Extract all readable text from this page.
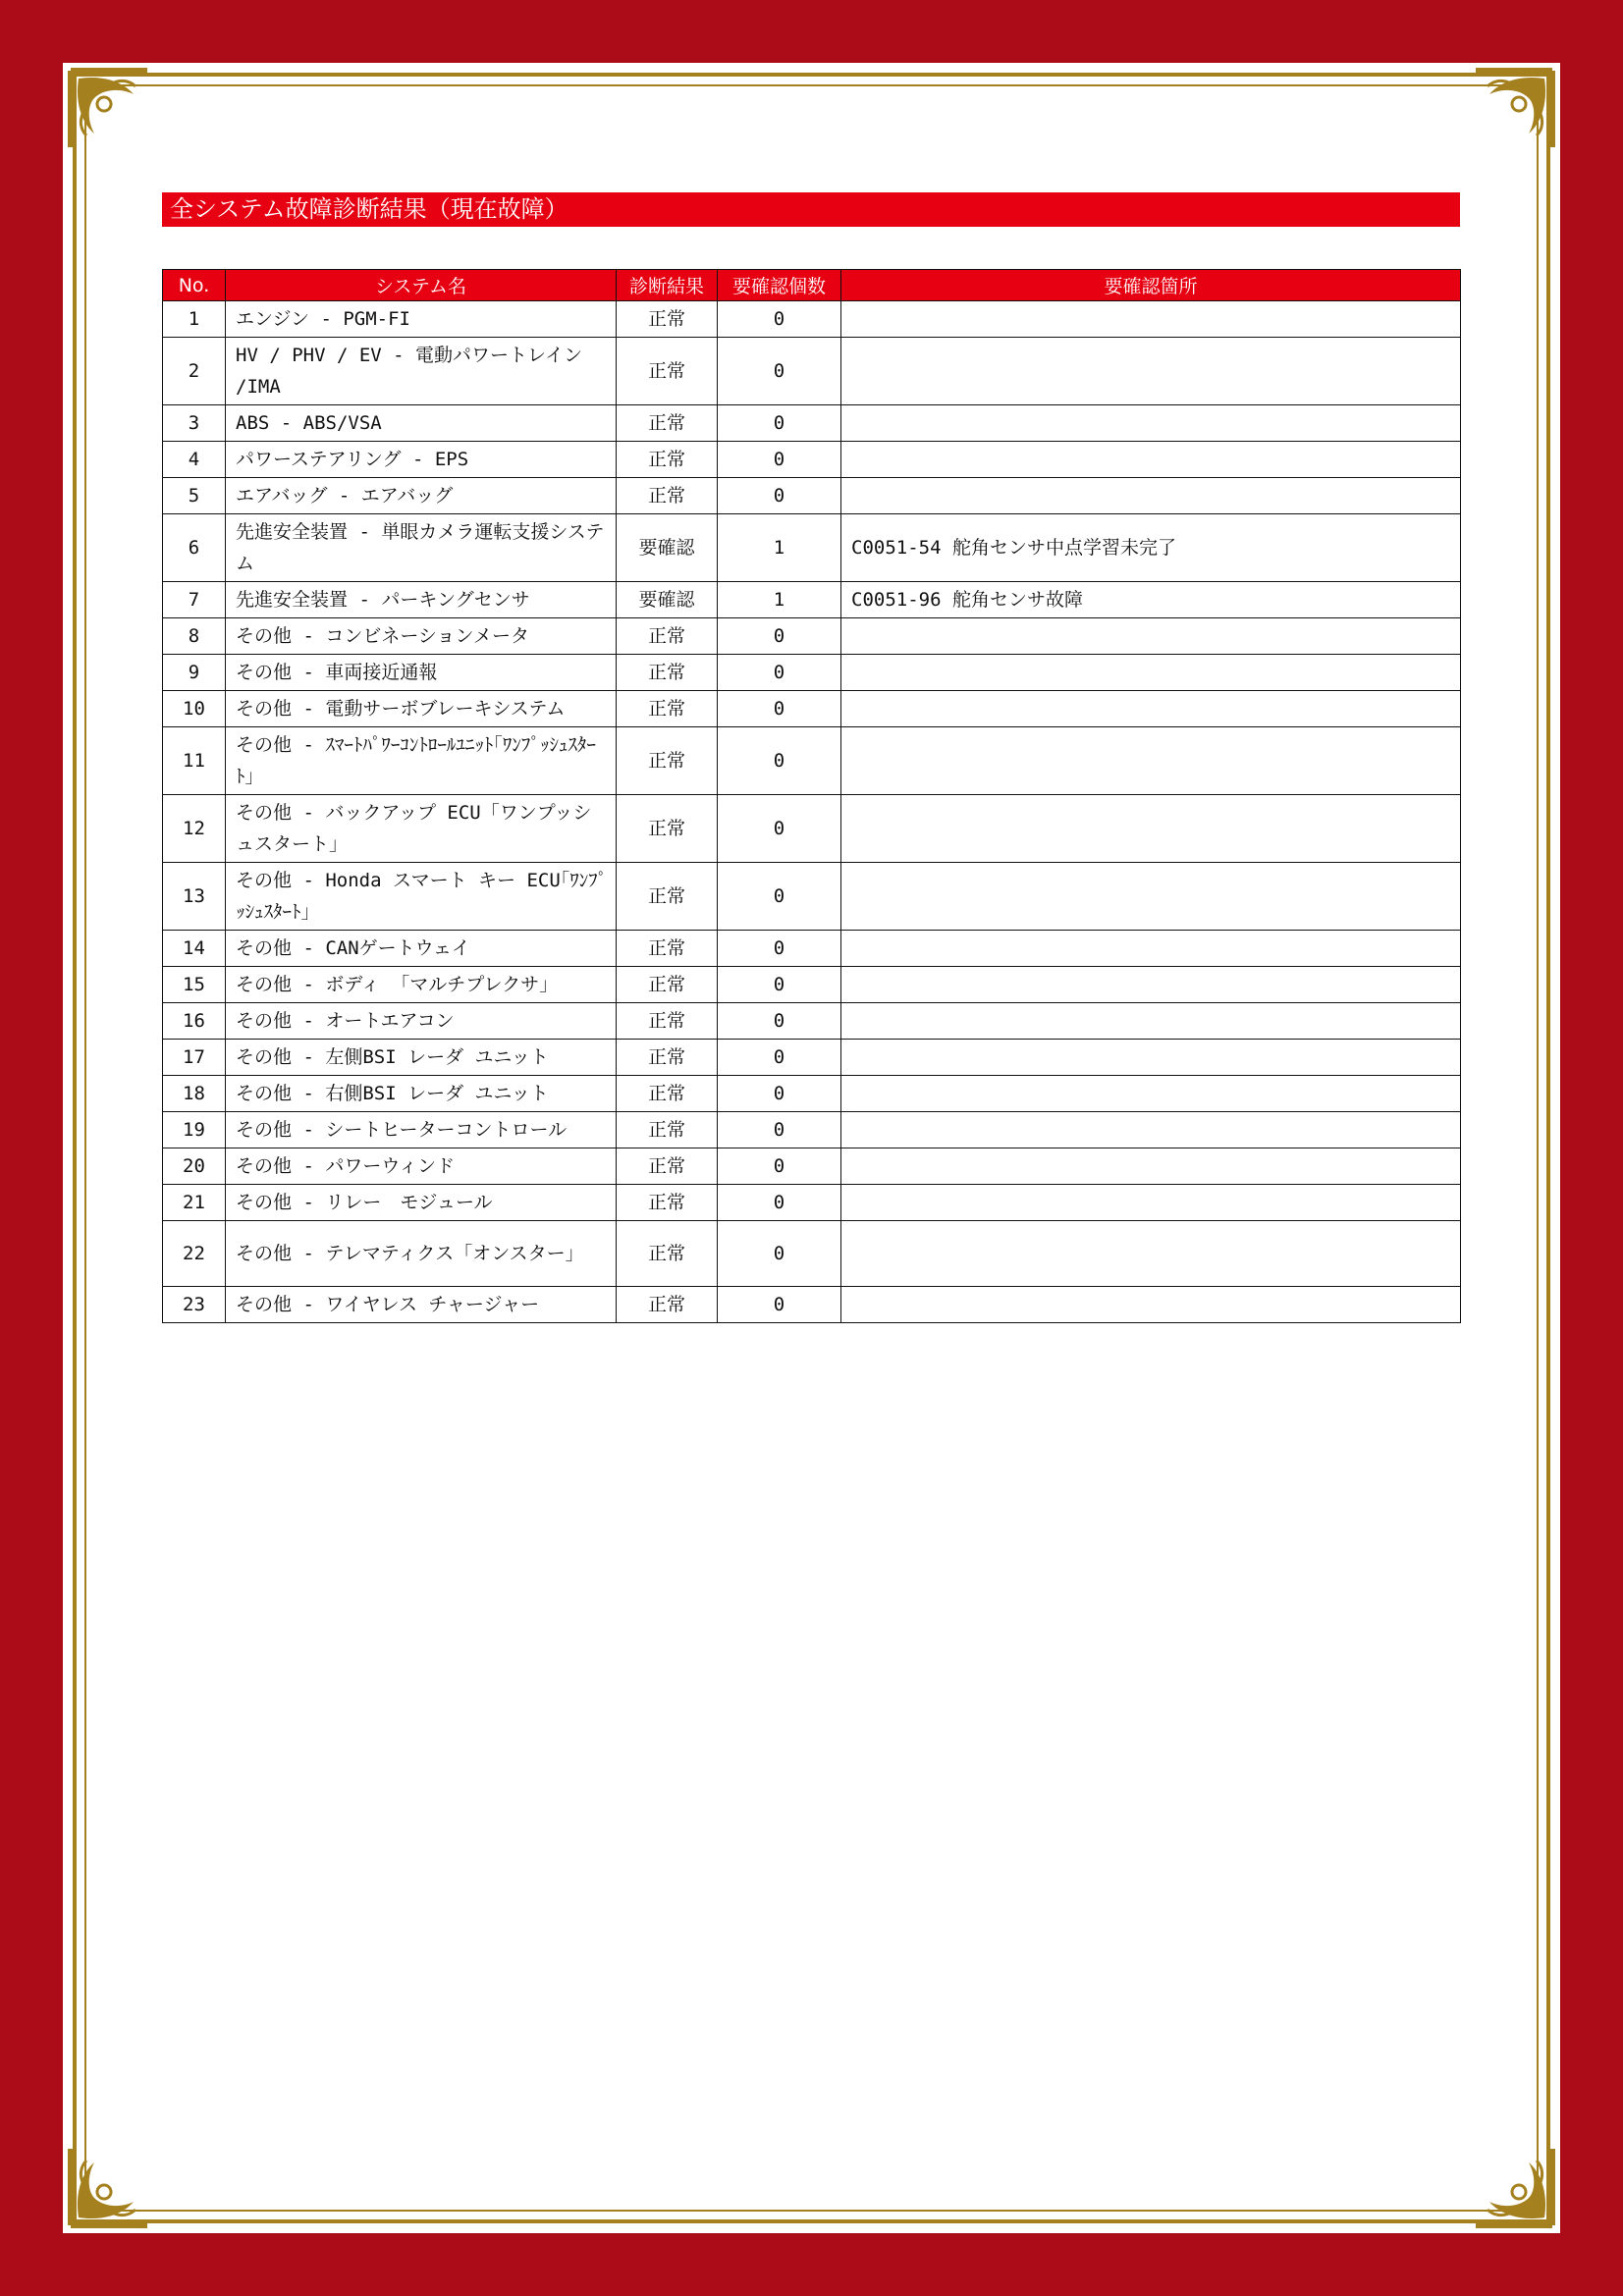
全システム故障診断結果（現在故障）
No.	システム名	診断結果	要確認個数	要確認箇所
1	エンジン - PGM-FI	正常	0	
2	HV / PHV / EV - 電動パワートレイン /IMA	正常	0	
3	ABS - ABS/VSA	正常	0	
4	パワーステアリング - EPS	正常	0	
5	エアバッグ - エアバッグ	正常	0	
6	先進安全装置 - 単眼カメラ運転支援システム	要確認	1	C0051-54 舵角センサ中点学習未完了
7	先進安全装置 - パーキングセンサ	要確認	1	C0051-96 舵角センサ故障
8	その他 - コンビネーションメータ	正常	0	
9	その他 - 車両接近通報	正常	0	
10	その他 - 電動サーボブレーキシステム	正常	0	
11	その他 - ｽﾏｰﾄﾊﾟﾜｰｺﾝﾄﾛｰﾙﾕﾆｯﾄ｢ﾜﾝﾌﾟｯｼｭｽﾀｰﾄ｣	正常	0	
12	その他 - バックアップ ECU「ワンプッシュスタート」	正常	0	
13	その他 - Honda スマート キー ECU｢ﾜﾝﾌﾟｯｼｭｽﾀｰﾄ｣	正常	0	
14	その他 - CANゲートウェイ	正常	0	
15	その他 - ボディ 「マルチプレクサ」	正常	0	
16	その他 - オートエアコン	正常	0	
17	その他 - 左側BSI レーダ ユニット	正常	0	
18	その他 - 右側BSI レーダ ユニット	正常	0	
19	その他 - シートヒーターコントロール	正常	0	
20	その他 - パワーウィンド	正常	0	
21	その他 - リレー　モジュール	正常	0	
22	その他 - テレマティクス「オンスター」	正常	0	
23	その他 - ワイヤレス チャージャー	正常	0	
